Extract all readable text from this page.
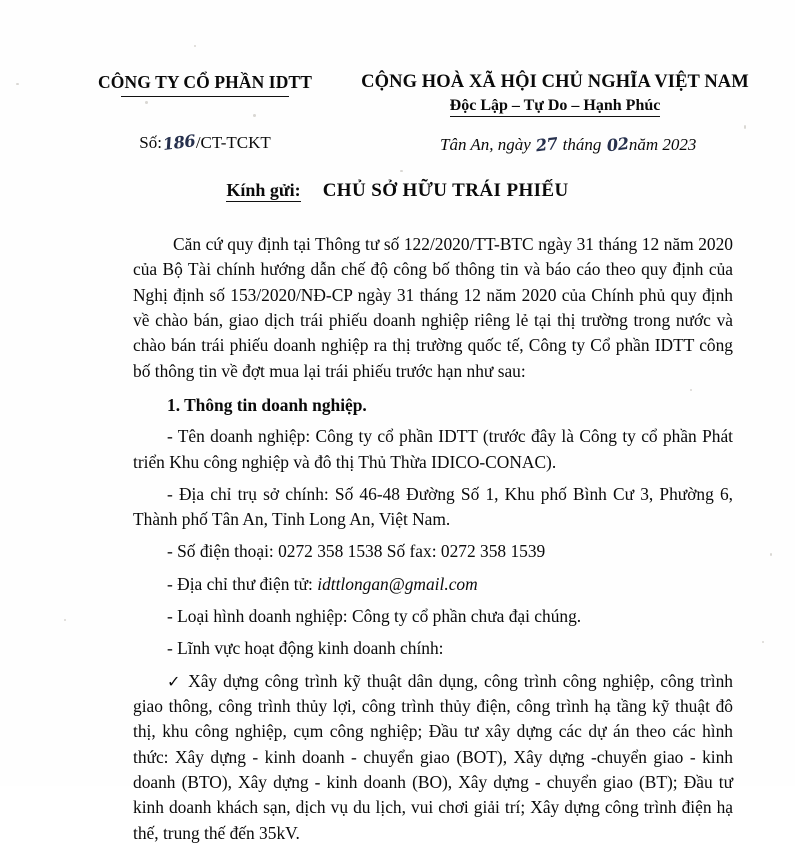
CÔNG TY CỔ PHẦN IDTT	CỘNG HOÀ XÃ HỘI CHỦ NGHĨA VIỆT NAM
Độc Lập – Tự Do – Hạnh Phúc
Số:186/CT-TCKT	Tân An, ngày 27 tháng 02năm 2023
Kính gửi: CHỦ SỞ HỮU TRÁI PHIẾU

Căn cứ quy định tại Thông tư số 122/2020/TT-BTC ngày 31 tháng 12 năm 2020 của Bộ Tài chính hướng dẫn chế độ công bố thông tin và báo cáo theo quy định của Nghị định số 153/2020/NĐ-CP ngày 31 tháng 12 năm 2020 của Chính phủ quy định về chào bán, giao dịch trái phiếu doanh nghiệp riêng lẻ tại thị trường trong nước và chào bán trái phiếu doanh nghiệp ra thị trường quốc tế, Công ty Cổ phần IDTT công bố thông tin về đợt mua lại trái phiếu trước hạn như sau:

1. Thông tin doanh nghiệp.

- Tên doanh nghiệp: Công ty cổ phần IDTT (trước đây là Công ty cổ phần Phát triển Khu công nghiệp và đô thị Thủ Thừa IDICO-CONAC).

- Địa chỉ trụ sở chính: Số 46-48 Đường Số 1, Khu phố Bình Cư 3, Phường 6, Thành phố Tân An, Tỉnh Long An, Việt Nam.

- Số điện thoại: 0272 358 1538 Số fax: 0272 358 1539

- Địa chỉ thư điện tử: idttlongan@gmail.com

- Loại hình doanh nghiệp: Công ty cổ phần chưa đại chúng.

- Lĩnh vực hoạt động kinh doanh chính:

✓ Xây dựng công trình kỹ thuật dân dụng, công trình công nghiệp, công trình giao thông, công trình thủy lợi, công trình thủy điện, công trình hạ tầng kỹ thuật đô thị, khu công nghiệp, cụm công nghiệp; Đầu tư xây dựng các dự án theo các hình thức: Xây dựng - kinh doanh - chuyển giao (BOT), Xây dựng -chuyển giao - kinh doanh (BTO), Xây dựng - kinh doanh (BO), Xây dựng - chuyển giao (BT); Đầu tư kinh doanh khách sạn, dịch vụ du lịch, vui chơi giải trí; Xây dựng công trình điện hạ thế, trung thế đến 35kV.
